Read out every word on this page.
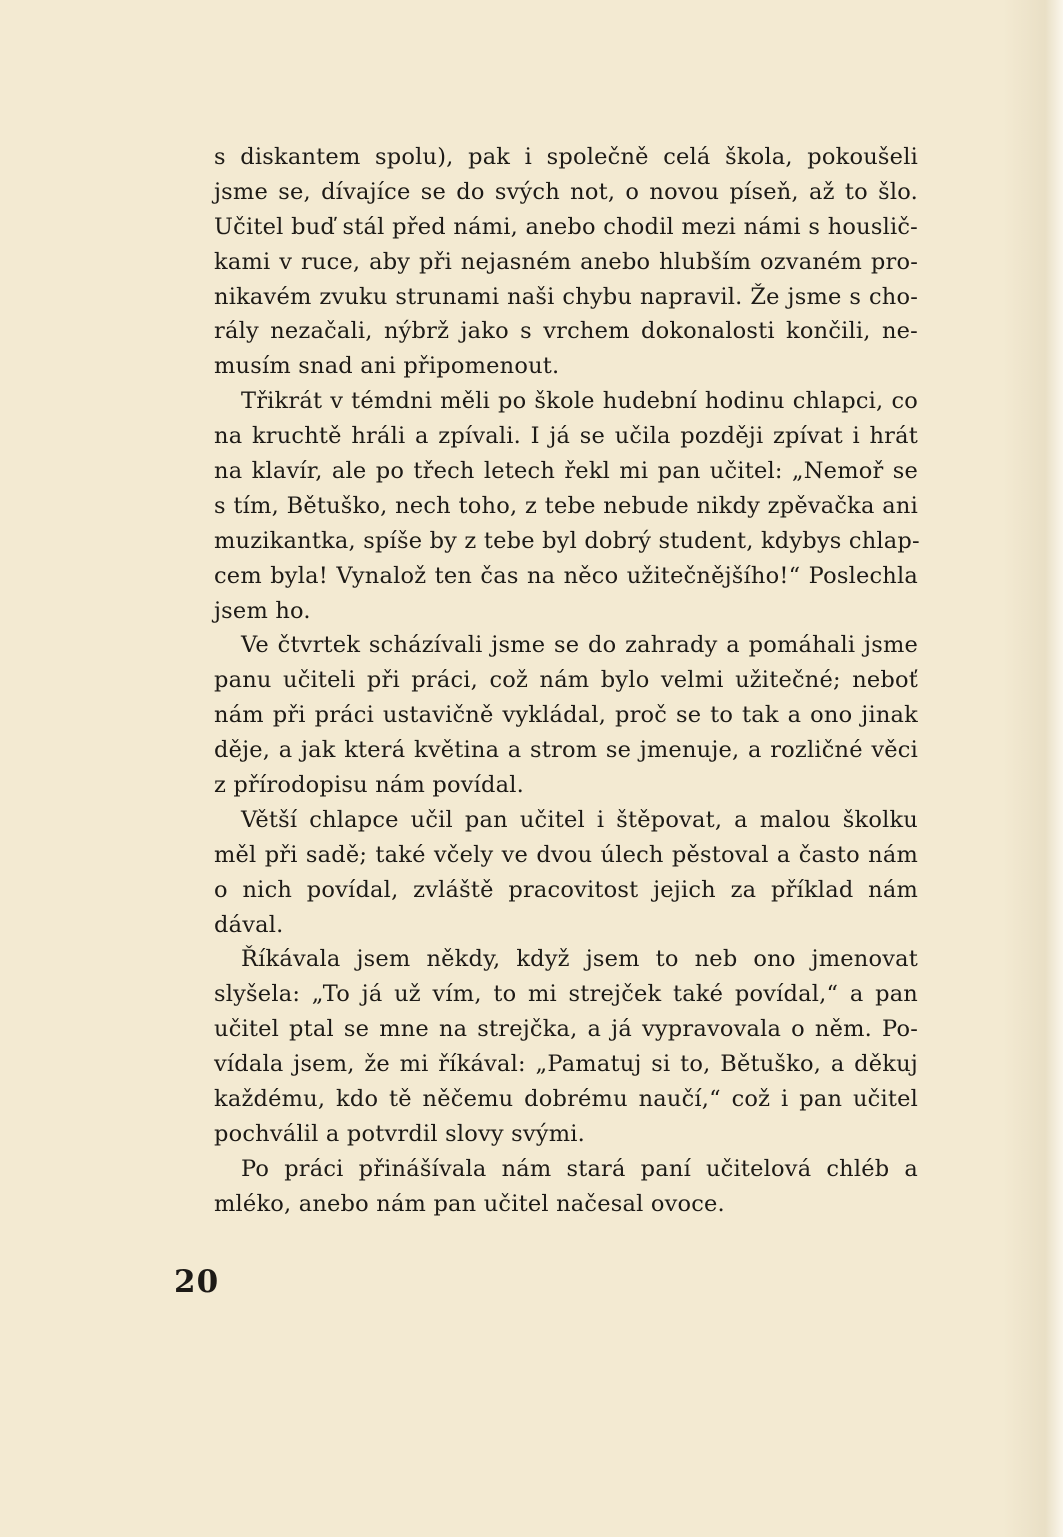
s diskantem spolu), pak i společně celá škola, pokoušeli
jsme se, dívajíce se do svých not, o novou píseň, až to šlo.
Učitel buď stál před námi, anebo chodil mezi námi s houslič-
kami v ruce, aby při nejasném anebo hlubším ozvaném pro-
nikavém zvuku strunami naši chybu napravil. Že jsme s cho-
rály nezačali, nýbrž jako s vrchem dokonalosti končili, ne-
musím snad ani připomenout.
Třikrát v témdni měli po škole hudební hodinu chlapci, co
na kruchtě hráli a zpívali. I já se učila později zpívat i hrát
na klavír, ale po třech letech řekl mi pan učitel: „Nemoř se
s tím, Bětuško, nech toho, z tebe nebude nikdy zpěvačka ani
muzikantka, spíše by z tebe byl dobrý student, kdybys chlap-
cem byla! Vynalož ten čas na něco užitečnějšího!“ Poslechla
jsem ho.
Ve čtvrtek scházívali jsme se do zahrady a pomáhali jsme
panu učiteli při práci, což nám bylo velmi užitečné; neboť
nám při práci ustavičně vykládal, proč se to tak a ono jinak
děje, a jak která květina a strom se jmenuje, a rozličné věci
z přírodopisu nám povídal.
Větší chlapce učil pan učitel i štěpovat, a malou školku
měl při sadě; také včely ve dvou úlech pěstoval a často nám
o nich povídal, zvláště pracovitost jejich za příklad nám
dával.
Říkávala jsem někdy, když jsem to neb ono jmenovat
slyšela: „To já už vím, to mi strejček také povídal,“ a pan
učitel ptal se mne na strejčka, a já vypravovala o něm. Po-
vídala jsem, že mi říkával: „Pamatuj si to, Bětuško, a děkuj
každému, kdo tě něčemu dobrému naučí,“ což i pan učitel
pochválil a potvrdil slovy svými.
Po práci přinášívala nám stará paní učitelová chléb a
mléko, anebo nám pan učitel načesal ovoce.
20
